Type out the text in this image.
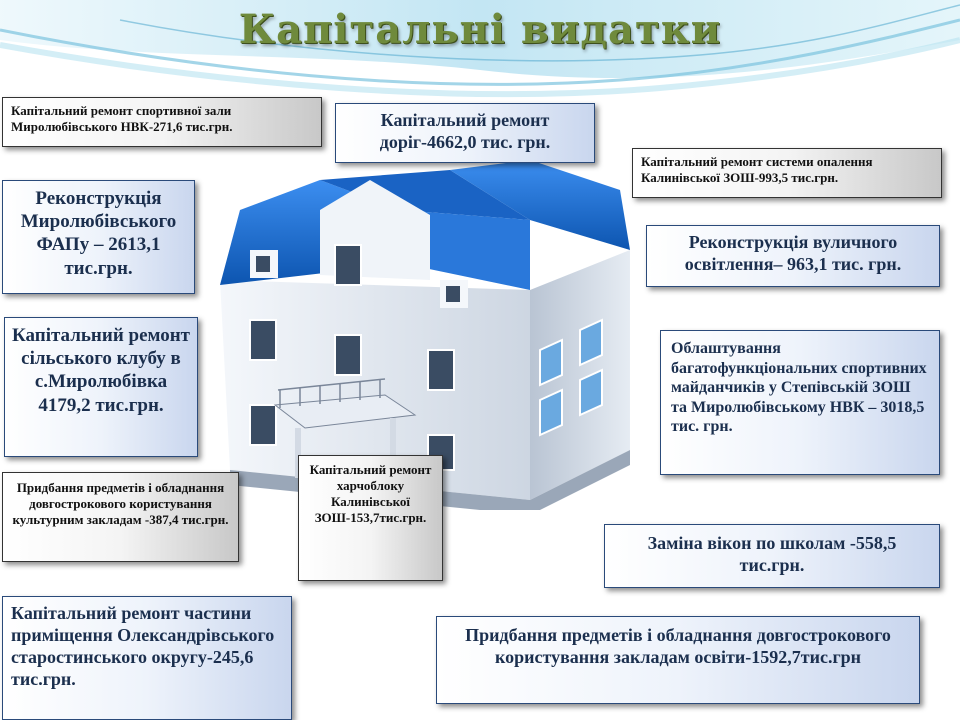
Капітальні видатки
Капітальний ремонт спортивної зали Миролюбівського НВК-271,6 тис.грн.	Капітальний ремонт доріг-4662,0 тис. грн.
Капітальний ремонт системи опалення Калинівської ЗОШ-993,5 тис.грн.
Реконструкція Миролюбівського ФАПу – 2613,1 тис.грн.
Реконструкція вуличного освітлення– 963,1 тис. грн.
Капітальний ремонт сільського клубу в с.Миролюбівка 4179,2 тис.грн.
Облаштування багатофункціональних спортивних майданчиків у Степівській ЗОШ та Миролюбівському НВК – 3018,5 тис. грн.
Придбання предметів і обладнання довгострокового користування культурним закладам -387,4 тис.грн.
Капітальний ремонт харчоблоку Калинівської ЗОШ-153,7тис.грн.
Заміна вікон по школам -558,5 тис.грн.
Капітальний ремонт частини приміщення Олександрівського старостинського округу-245,6 тис.грн.
Придбання предметів і обладнання довгострокового користування закладам освіти-1592,7тис.грн
